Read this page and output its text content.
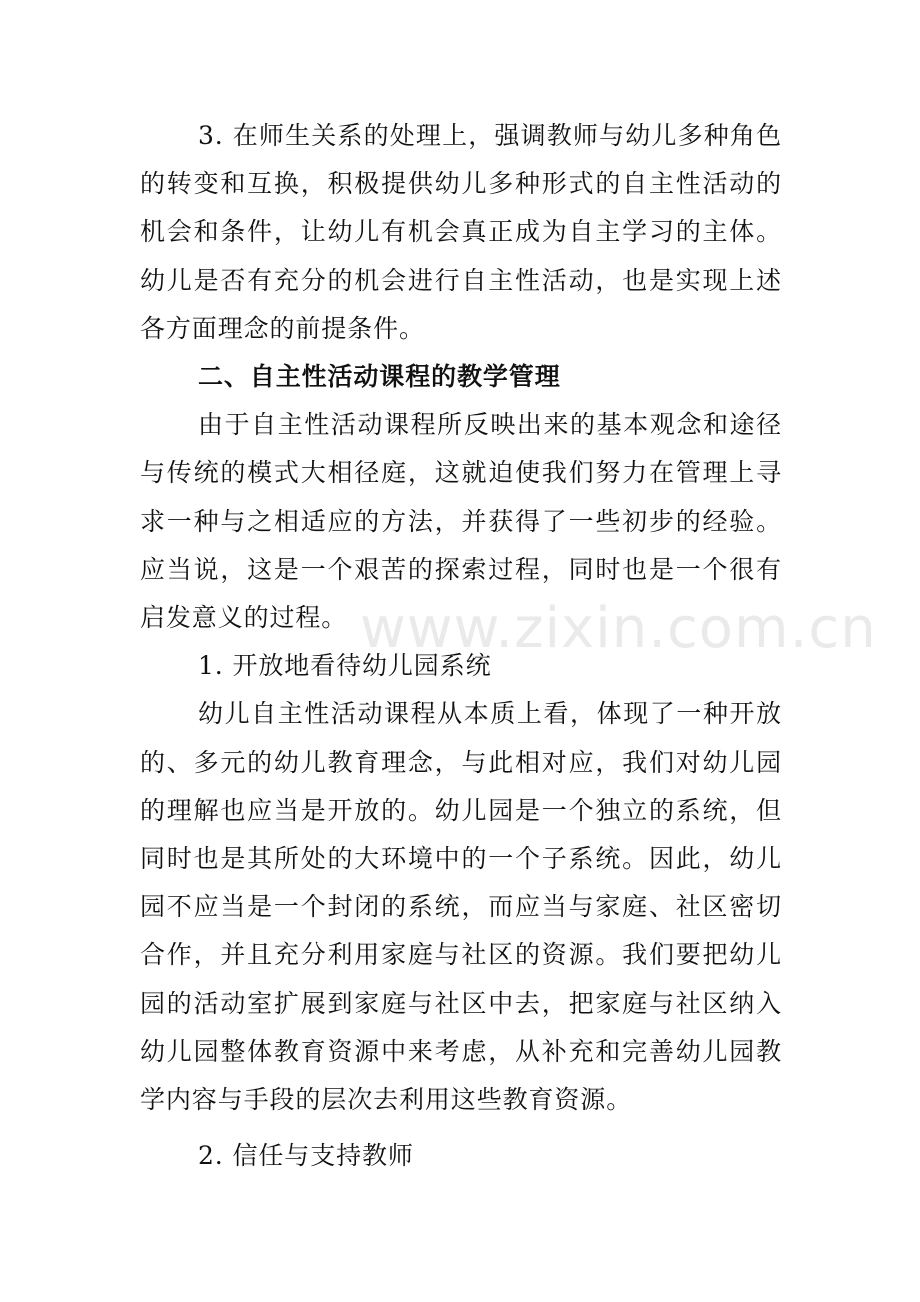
3. 在师生关系的处理上，强调教师与幼儿多种角色的转变和互换，积极提供幼儿多种形式的自主性活动的机会和条件，让幼儿有机会真正成为自主学习的主体。幼儿是否有充分的机会进行自主性活动，也是实现上述各方面理念的前提条件。

二、自主性活动课程的教学管理

由于自主性活动课程所反映出来的基本观念和途径与传统的模式大相径庭，这就迫使我们努力在管理上寻求一种与之相适应的方法，并获得了一些初步的经验。应当说，这是一个艰苦的探索过程，同时也是一个很有启发意义的过程。

1. 开放地看待幼儿园系统

幼儿自主性活动课程从本质上看，体现了一种开放的、多元的幼儿教育理念，与此相对应，我们对幼儿园的理解也应当是开放的。幼儿园是一个独立的系统，但同时也是其所处的大环境中的一个子系统。因此，幼儿园不应当是一个封闭的系统，而应当与家庭、社区密切合作，并且充分利用家庭与社区的资源。我们要把幼儿园的活动室扩展到家庭与社区中去，把家庭与社区纳入幼儿园整体教育资源中来考虑，从补充和完善幼儿园教学内容与手段的层次去利用这些教育资源。

2. 信任与支持教师

www.zixin.com.cn
